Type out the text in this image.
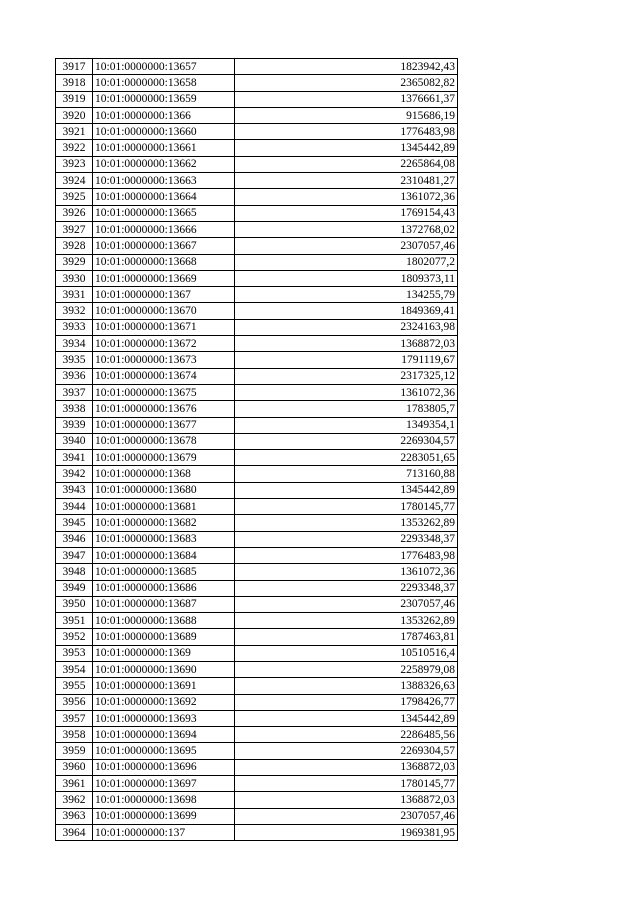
3917	10:01:0000000:13657	1823942,43
3918	10:01:0000000:13658	2365082,82
3919	10:01:0000000:13659	1376661,37
3920	10:01:0000000:1366	915686,19
3921	10:01:0000000:13660	1776483,98
3922	10:01:0000000:13661	1345442,89
3923	10:01:0000000:13662	2265864,08
3924	10:01:0000000:13663	2310481,27
3925	10:01:0000000:13664	1361072,36
3926	10:01:0000000:13665	1769154,43
3927	10:01:0000000:13666	1372768,02
3928	10:01:0000000:13667	2307057,46
3929	10:01:0000000:13668	1802077,2
3930	10:01:0000000:13669	1809373,11
3931	10:01:0000000:1367	134255,79
3932	10:01:0000000:13670	1849369,41
3933	10:01:0000000:13671	2324163,98
3934	10:01:0000000:13672	1368872,03
3935	10:01:0000000:13673	1791119,67
3936	10:01:0000000:13674	2317325,12
3937	10:01:0000000:13675	1361072,36
3938	10:01:0000000:13676	1783805,7
3939	10:01:0000000:13677	1349354,1
3940	10:01:0000000:13678	2269304,57
3941	10:01:0000000:13679	2283051,65
3942	10:01:0000000:1368	713160,88
3943	10:01:0000000:13680	1345442,89
3944	10:01:0000000:13681	1780145,77
3945	10:01:0000000:13682	1353262,89
3946	10:01:0000000:13683	2293348,37
3947	10:01:0000000:13684	1776483,98
3948	10:01:0000000:13685	1361072,36
3949	10:01:0000000:13686	2293348,37
3950	10:01:0000000:13687	2307057,46
3951	10:01:0000000:13688	1353262,89
3952	10:01:0000000:13689	1787463,81
3953	10:01:0000000:1369	10510516,4
3954	10:01:0000000:13690	2258979,08
3955	10:01:0000000:13691	1388326,63
3956	10:01:0000000:13692	1798426,77
3957	10:01:0000000:13693	1345442,89
3958	10:01:0000000:13694	2286485,56
3959	10:01:0000000:13695	2269304,57
3960	10:01:0000000:13696	1368872,03
3961	10:01:0000000:13697	1780145,77
3962	10:01:0000000:13698	1368872,03
3963	10:01:0000000:13699	2307057,46
3964	10:01:0000000:137	1969381,95
